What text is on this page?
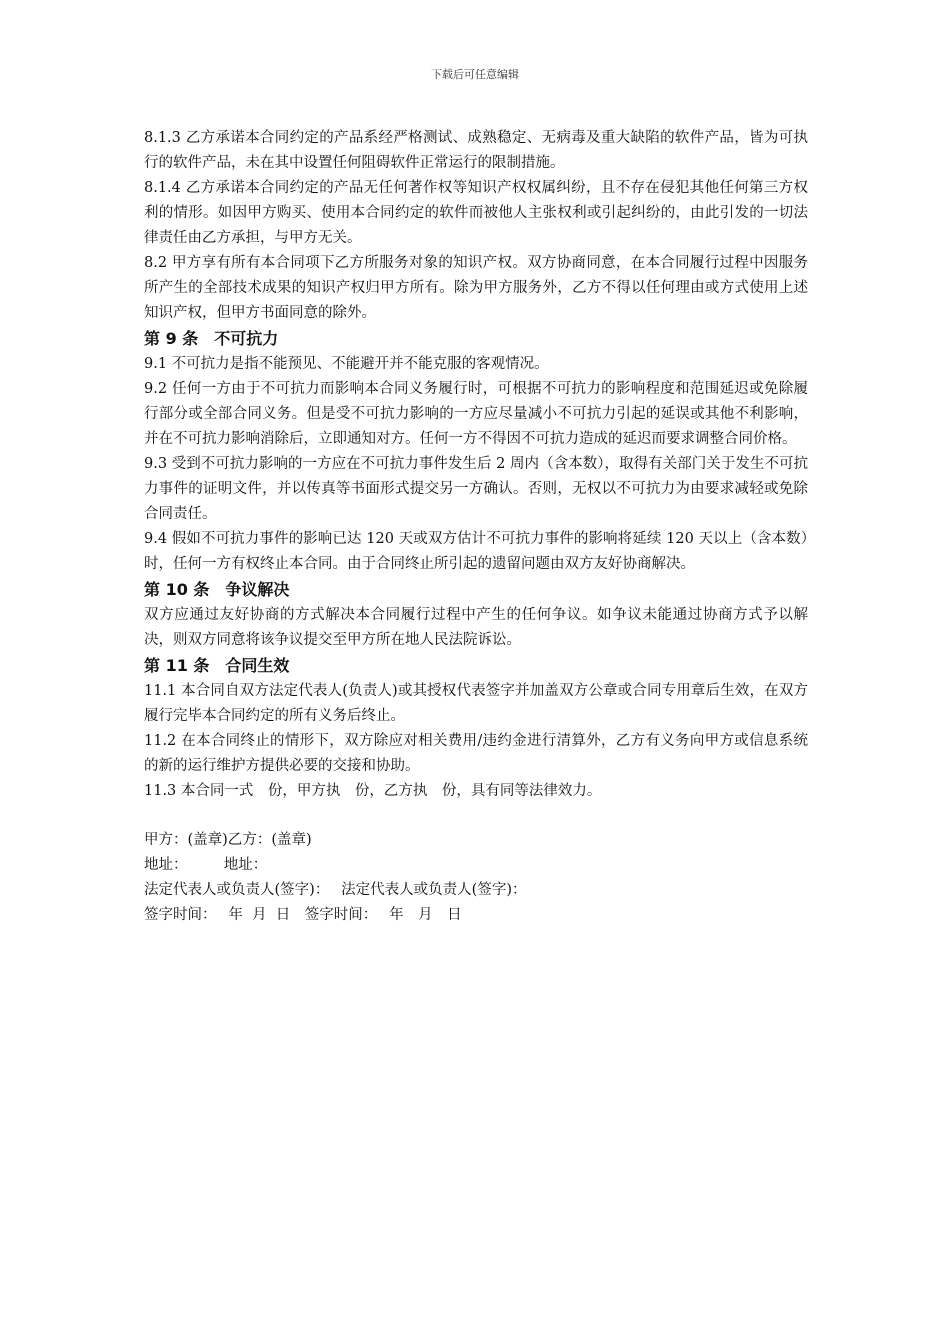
下载后可任意编辑

8.1.3 乙方承诺本合同约定的产品系经严格测试、成熟稳定、无病毒及重大缺陷的软件产品，皆为可执行的软件产品，未在其中设置任何阻碍软件正常运行的限制措施。

8.1.4 乙方承诺本合同约定的产品无任何著作权等知识产权权属纠纷，且不存在侵犯其他任何第三方权利的情形。如因甲方购买、使用本合同约定的软件而被他人主张权利或引起纠纷的，由此引发的一切法律责任由乙方承担，与甲方无关。

8.2 甲方享有所有本合同项下乙方所服务对象的知识产权。双方协商同意，在本合同履行过程中因服务所产生的全部技术成果的知识产权归甲方所有。除为甲方服务外，乙方不得以任何理由或方式使用上述知识产权，但甲方书面同意的除外。

第 9 条　不可抗力

9.1 不可抗力是指不能预见、不能避开并不能克服的客观情况。

9.2 任何一方由于不可抗力而影响本合同义务履行时，可根据不可抗力的影响程度和范围延迟或免除履行部分或全部合同义务。但是受不可抗力影响的一方应尽量减小不可抗力引起的延误或其他不利影响，并在不可抗力影响消除后，立即通知对方。任何一方不得因不可抗力造成的延迟而要求调整合同价格。

9.3 受到不可抗力影响的一方应在不可抗力事件发生后 2 周内（含本数），取得有关部门关于发生不可抗力事件的证明文件，并以传真等书面形式提交另一方确认。否则，无权以不可抗力为由要求减轻或免除合同责任。

9.4 假如不可抗力事件的影响已达 120 天或双方估计不可抗力事件的影响将延续 120 天以上（含本数）时，任何一方有权终止本合同。由于合同终止所引起的遗留问题由双方友好协商解决。

第 10 条　争议解决

双方应通过友好协商的方式解决本合同履行过程中产生的任何争议。如争议未能通过协商方式予以解决，则双方同意将该争议提交至甲方所在地人民法院诉讼。

第 11 条　合同生效

11.1 本合同自双方法定代表人(负责人)或其授权代表签字并加盖双方公章或合同专用章后生效，在双方履行完毕本合同约定的所有义务后终止。

11.2 在本合同终止的情形下，双方除应对相关费用/违约金进行清算外，乙方有义务向甲方或信息系统的新的运行维护方提供必要的交接和协助。

11.3 本合同一式　份，甲方执　份，乙方执　份，具有同等法律效力。

甲方：(盖章)乙方：(盖章)

地址：　　　地址：

法定代表人或负责人(签字)：　 法定代表人或负责人(签字)：

签字时间：　 年  月  日　签字时间：　 年　月　日
